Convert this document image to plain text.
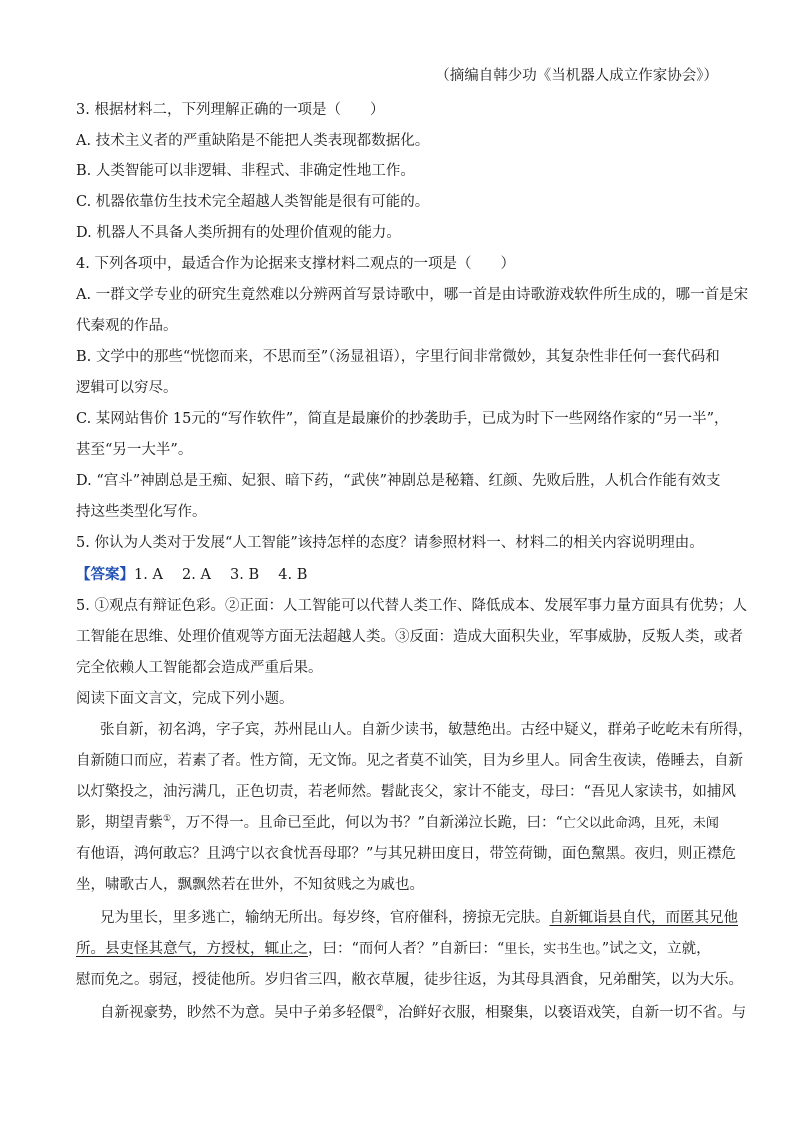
（摘编自韩少功《当机器人成立作家协会》）
3. 根据材料二，下列理解正确的一项是（　　）
A. 技术主义者的严重缺陷是不能把人类表现都数据化。
B. 人类智能可以非逻辑、非程式、非确定性地工作。
C. 机器依靠仿生技术完全超越人类智能是很有可能的。
D. 机器人不具备人类所拥有的处理价值观的能力。
4. 下列各项中，最适合作为论据来支撑材料二观点的一项是（　　）
A. 一群文学专业的研究生竟然难以分辨两首写景诗歌中，哪一首是由诗歌游戏软件所生成的，哪一首是宋
代秦观的作品。
B. 文学中的那些“恍惚而来，不思而至”（汤显祖语），字里行间非常微妙，其复杂性非任何一套代码和
逻辑可以穷尽。
C. 某网站售价 15元的“写作软件”，简直是最廉价的抄袭助手，已成为时下一些网络作家的“另一半”，
甚至“另一大半”。
D. “宫斗”神剧总是王痴、妃狠、暗下药，“武侠”神剧总是秘籍、红颜、先败后胜，人机合作能有效支
持这些类型化写作。
5. 你认为人类对于发展“人工智能”该持怎样的态度？请参照材料一、材料二的相关内容说明理由。
【答案】1. A　 2. A　 3. B　 4. B
5. ①观点有辩证色彩。②正面：人工智能可以代替人类工作、降低成本、发展军事力量方面具有优势；人
工智能在思维、处理价值观等方面无法超越人类。③反面：造成大面积失业，军事威胁，反叛人类，或者
完全依赖人工智能都会造成严重后果。
阅读下面文言文，完成下列小题。
张自新，初名鸿，字子宾，苏州昆山人。自新少读书，敏慧绝出。古经中疑义，群弟子屹屹未有所得，
自新随口而应，若素了者。性方简，无文饰。见之者莫不讪笑，目为乡里人。同舍生夜读，倦睡去，自新
以灯檠投之，油污满几，正色切责，若老师然。髫龀丧父，家计不能支，母曰：“吾见人家读书，如捕风
影，期望青紫①，万不得一。且命已至此，何以为书？”自新涕泣长跪，曰：“亡父以此命鸿，且死，未闻
有他语，鸿何敢忘？且鸿宁以衣食忧吾母耶？”与其兄耕田度日，带笠荷锄，面色黧黑。夜归，则正襟危
坐，啸歌古人，飘飘然若在世外，不知贫贱之为戚也。
兄为里长，里多逃亡，输纳无所出。每岁终，官府催科，搒掠无完肤。自新辄诣县自代，而匿其兄他
所。县吏怪其意气，方授杖，辄止之，曰：“而何人者？”自新曰：“里长，实书生也。”试之文，立就，
慰而免之。弱冠，授徒他所。岁归省三四，敝衣草履，徒步往返，为其母具酒食，兄弟酣笑，以为大乐。
自新视豪势，眇然不为意。吴中子弟多轻儇②，冶鲜好衣服，相聚集，以亵语戏笑，自新一切不省。与
